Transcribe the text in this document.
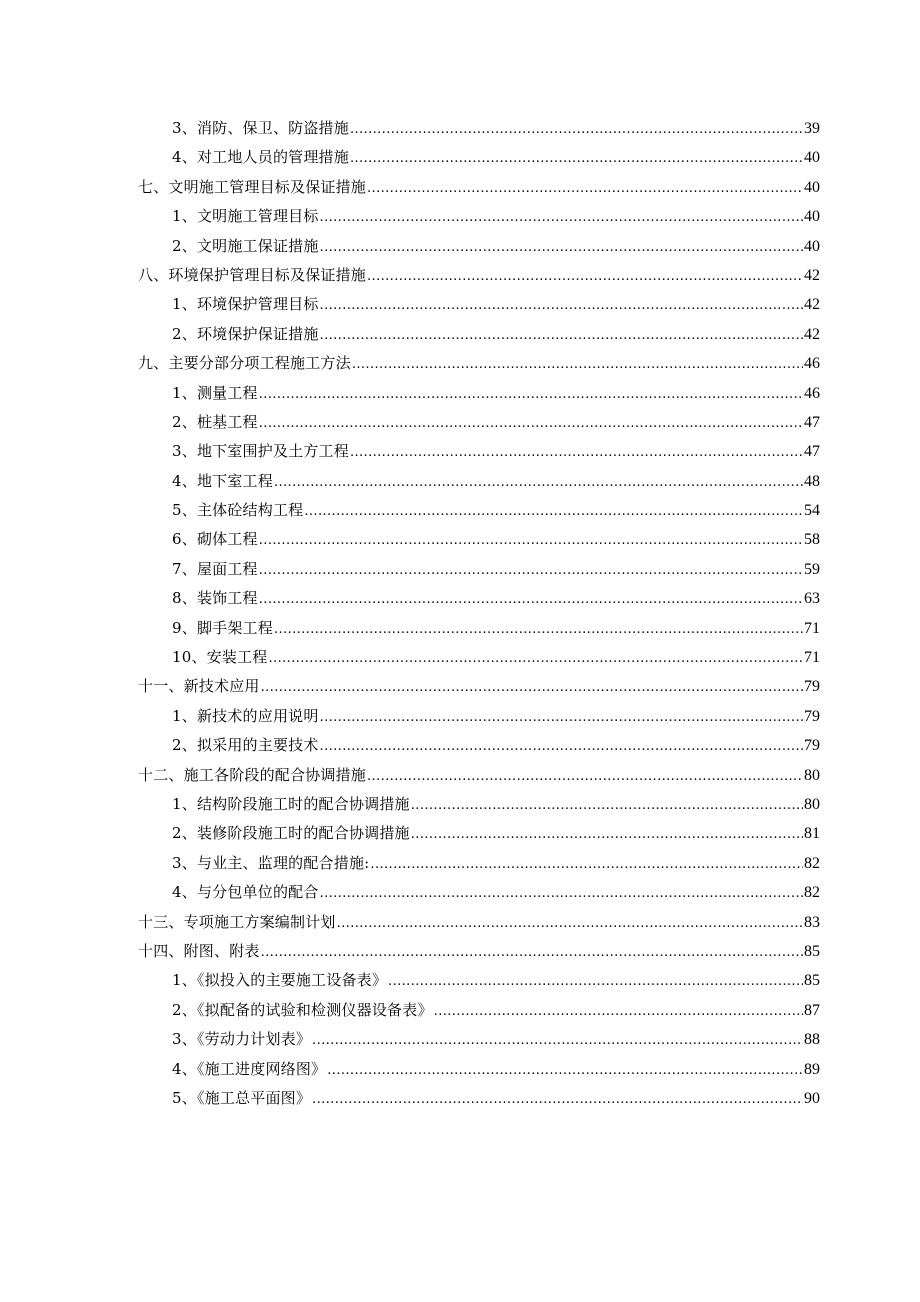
3、消防、保卫、防盗措施 .....	39
4、对工地人员的管理措施 .....	40
七、文明施工管理目标及保证措施 .....	40
1、文明施工管理目标 .....	40
2、文明施工保证措施 .....	40
八、环境保护管理目标及保证措施 .....	42
1、环境保护管理目标 .....	42
2、环境保护保证措施 .....	42
九、主要分部分项工程施工方法 .....	46
1、测量工程 .....	46
2、桩基工程 .....	47
3、地下室围护及土方工程 .....	47
4、地下室工程 .....	48
5、主体砼结构工程 .....	54
6、砌体工程 .....	58
7、屋面工程 .....	59
8、装饰工程 .....	63
9、脚手架工程 .....	71
10、安装工程 .....	71
十一、新技术应用 .....	79
1、新技术的应用说明 .....	79
2、拟采用的主要技术 .....	79
十二、施工各阶段的配合协调措施 .....	80
1、结构阶段施工时的配合协调措施 .....	80
2、装修阶段施工时的配合协调措施 .....	81
3、与业主、监理的配合措施: .....	82
4、与分包单位的配合 .....	82
十三、专项施工方案编制计划 .....	83
十四、附图、附表 .....	85
1、《拟投入的主要施工设备表》 .....	85
2、《拟配备的试验和检测仪器设备表》 .....	87
3、《劳动力计划表》 .....	88
4、《施工进度网络图》 .....	89
5、《施工总平面图》 .....	90
